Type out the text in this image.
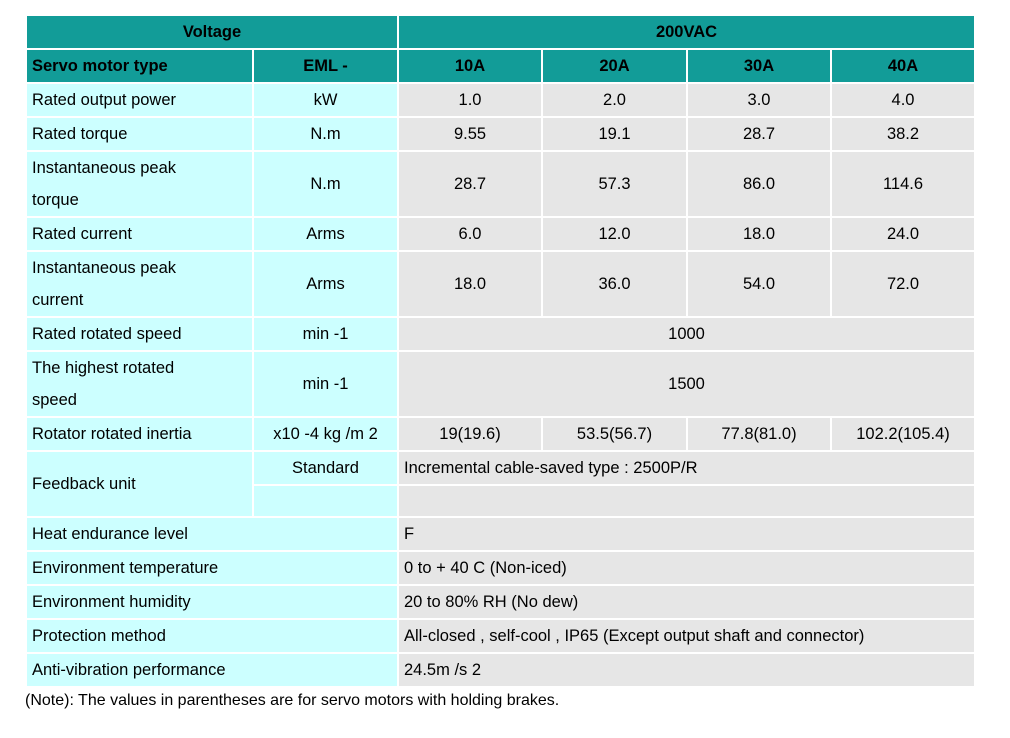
Voltage		200VAC			
Servo motor type	EML -	10A	20A	30A	40A
Rated output power	kW	1.0	2.0	3.0	4.0
Rated torque	N.m	9.55	19.1	28.7	38.2
Instantaneous peak
torque	N.m	28.7	57.3	86.0	114.6
Rated current	Arms	6.0	12.0	18.0	24.0
Instantaneous peak
current	Arms	18.0	36.0	54.0	72.0
Rated rotated speed	min -1	1000			
The highest rotated
speed	min -1	1500			
Rotator rotated inertia	x10 -4 kg /m 2	19(19.6)	53.5(56.7)	77.8(81.0)	102.2(105.4)
Feedback unit	Standard	Incremental cable-saved type : 2500P/R			

Heat endurance level		F			
Environment temperature		0 to + 40 C (Non-iced)			
Environment humidity		20 to 80% RH (No dew)			
Protection method		All-closed , self-cool , IP65 (Except output shaft and connector)			
Anti-vibration performance		24.5m /s 2			
(Note): The values in parentheses are for servo motors with holding brakes.
